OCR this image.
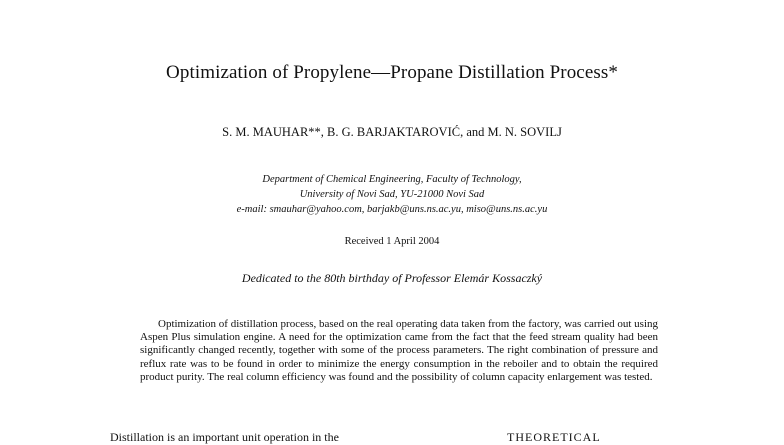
Optimization of Propylene—Propane Distillation Process*
S. M. MAUHAR**, B. G. BARJAKTAROVIĆ, and M. N. SOVILJ
Department of Chemical Engineering, Faculty of Technology,
University of Novi Sad, YU-21000 Novi Sad
e-mail: smauhar@yahoo.com, barjakb@uns.ns.ac.yu, miso@uns.ns.ac.yu
Received 1 April 2004
Dedicated to the 80th birthday of Professor Elemár Kossaczký

Optimization of distillation process, based on the real operating data taken from the factory, was carried out using Aspen Plus simulation engine. A need for the optimization came from the fact that the feed stream quality had been significantly changed recently, together with some of the process parameters. The right combination of pressure and reflux rate was to be found in order to minimize the energy consumption in the reboiler and to obtain the required product purity. The real column efficiency was found and the possibility of column capacity enlargement was tested.

Distillation is an important unit operation in the	THEORETICAL
